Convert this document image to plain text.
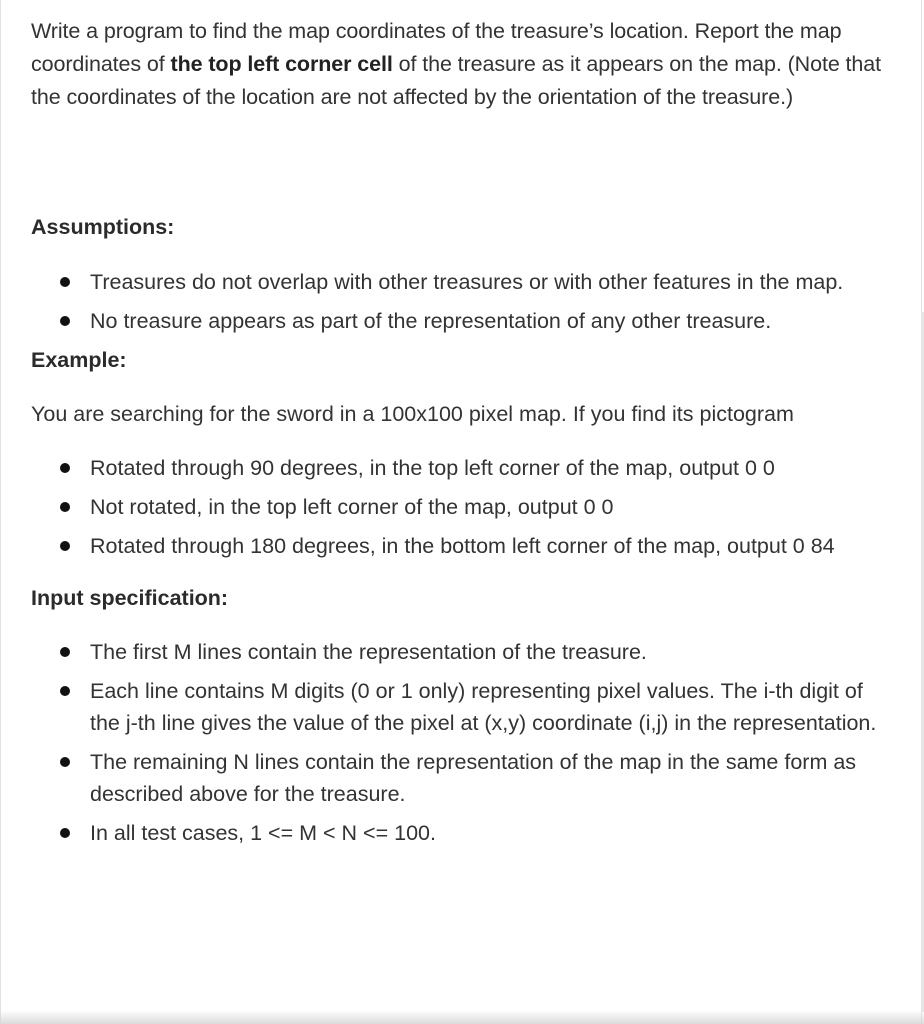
Write a program to find the map coordinates of the treasure’s location. Report the map coordinates of the top left corner cell of the treasure as it appears on the map. (Note that the coordinates of the location are not affected by the orientation of the treasure.)

Assumptions:
Treasures do not overlap with other treasures or with other features in the map.
No treasure appears as part of the representation of any other treasure.
Example:

You are searching for the sword in a 100x100 pixel map. If you find its pictogram

Rotated through 90 degrees, in the top left corner of the map, output 0 0
Not rotated, in the top left corner of the map, output 0 0
Rotated through 180 degrees, in the bottom left corner of the map, output 0 84
Input specification:
The first M lines contain the representation of the treasure.
Each line contains M digits (0 or 1 only) representing pixel values. The i-th digit of the j-th line gives the value of the pixel at (x,y) coordinate (i,j) in the representation.
The remaining N lines contain the representation of the map in the same form as described above for the treasure.
In all test cases, 1 <= M < N <= 100.
